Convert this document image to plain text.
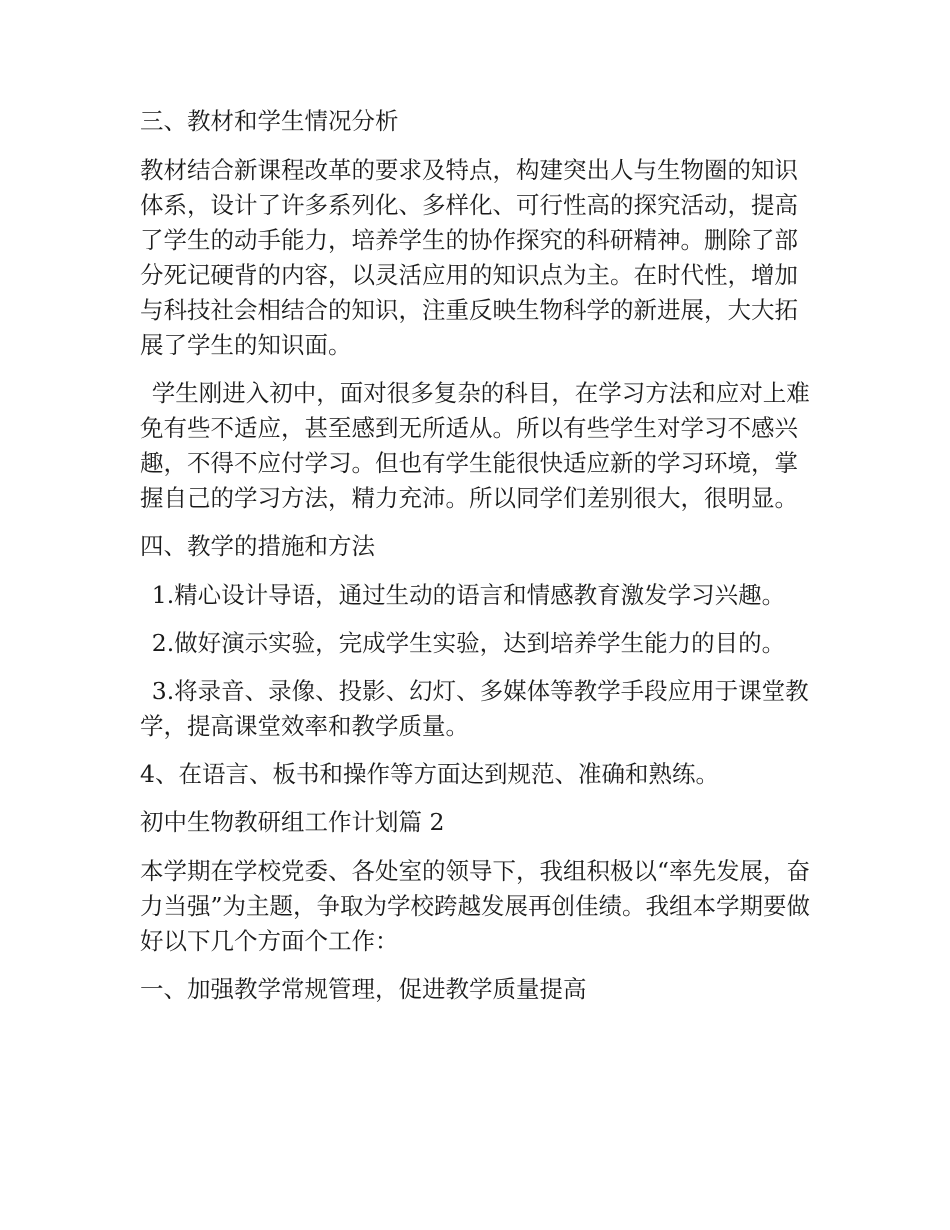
三、教材和学生情况分析

教材结合新课程改革的要求及特点，构建突出人与生物圈的知识体系，设计了许多系列化、多样化、可行性高的探究活动，提高了学生的动手能力，培养学生的协作探究的科研精神。删除了部分死记硬背的内容，以灵活应用的知识点为主。在时代性，增加与科技社会相结合的知识，注重反映生物科学的新进展，大大拓展了学生的知识面。

学生刚进入初中，面对很多复杂的科目，在学习方法和应对上难免有些不适应，甚至感到无所适从。所以有些学生对学习不感兴趣，不得不应付学习。但也有学生能很快适应新的学习环境，掌握自己的学习方法，精力充沛。所以同学们差别很大，很明显。

四、教学的措施和方法

1.精心设计导语，通过生动的语言和情感教育激发学习兴趣。

2.做好演示实验，完成学生实验，达到培养学生能力的目的。

3.将录音、录像、投影、幻灯、多媒体等教学手段应用于课堂教学，提高课堂效率和教学质量。

4、在语言、板书和操作等方面达到规范、准确和熟练。

初中生物教研组工作计划篇 2

本学期在学校党委、各处室的领导下，我组积极以“率先发展，奋力当强”为主题，争取为学校跨越发展再创佳绩。我组本学期要做好以下几个方面个工作：

一、加强教学常规管理，促进教学质量提高
